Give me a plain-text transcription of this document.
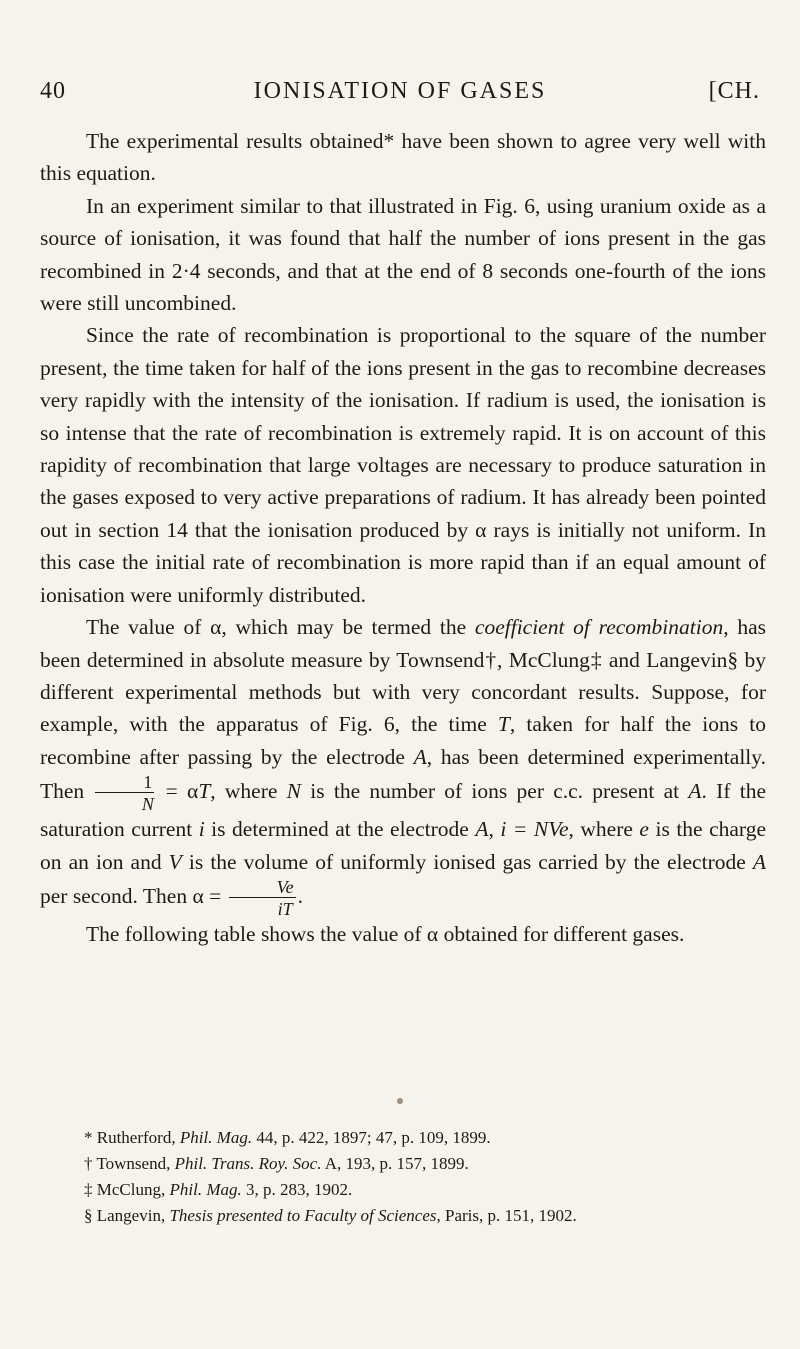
40	IONISATION OF GASES	[CH.

The experimental results obtained* have been shown to agree very well with this equation.

In an experiment similar to that illustrated in Fig. 6, using uranium oxide as a source of ionisation, it was found that half the number of ions present in the gas recombined in 2·4 seconds, and that at the end of 8 seconds one-fourth of the ions were still uncombined.

Since the rate of recombination is proportional to the square of the number present, the time taken for half of the ions present in the gas to recombine decreases very rapidly with the intensity of the ionisation. If radium is used, the ionisation is so intense that the rate of recombination is extremely rapid. It is on account of this rapidity of recombination that large voltages are necessary to produce saturation in the gases exposed to very active preparations of radium. It has already been pointed out in section 14 that the ionisation produced by α rays is initially not uniform. In this case the initial rate of recombination is more rapid than if an equal amount of ionisation were uniformly distributed.

The value of α, which may be termed the coefficient of recombination, has been determined in absolute measure by Townsend†, McClung‡ and Langevin§ by different experimental methods but with very concordant results. Suppose, for example, with the apparatus of Fig. 6, the time T, taken for half the ions to recombine after passing by the electrode A, has been determined experimentally. Then $\frac{1}{N} = \alpha T$, where N is the number of ions per c.c. present at A. If the saturation current i is determined at the electrode A, i = NVe, where e is the charge on an ion and V is the volume of uniformly ionised gas carried by the electrode A per second. Then $\alpha = \frac{Ve}{iT}$ .

The following table shows the value of α obtained for different gases.

* Rutherford, Phil. Mag. 44, p. 422, 1897; 47, p. 109, 1899.
† Townsend, Phil. Trans. Roy. Soc. A, 193, p. 157, 1899.
‡ McClung, Phil. Mag. 3, p. 283, 1902.
§ Langevin, Thesis presented to Faculty of Sciences, Paris, p. 151, 1902.
